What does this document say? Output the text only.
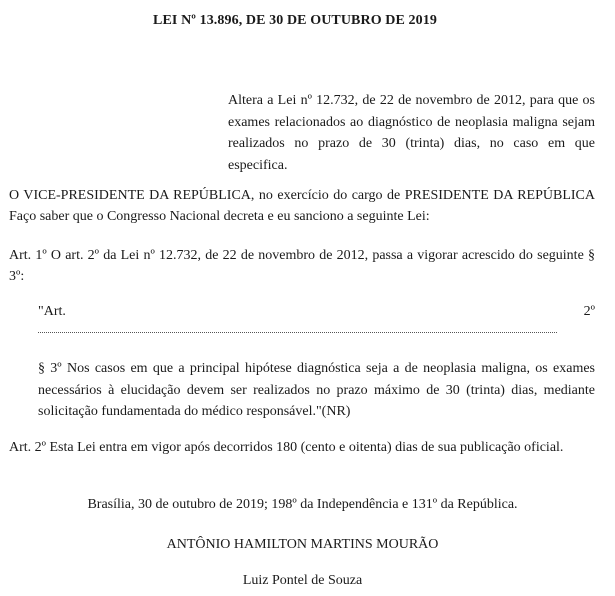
LEI Nº 13.896, DE 30 DE OUTUBRO DE 2019
Altera a Lei nº 12.732, de 22 de novembro de 2012, para que os exames relacionados ao diagnóstico de neoplasia maligna sejam realizados no prazo de 30 (trinta) dias, no caso em que especifica.
O VICE-PRESIDENTE DA REPÚBLICA, no exercício do cargo de PRESIDENTE DA REPÚBLICA Faço saber que o Congresso Nacional decreta e eu sanciono a seguinte Lei:
Art. 1º O art. 2º da Lei nº 12.732, de 22 de novembro de 2012, passa a vigorar acrescido do seguinte § 3º:
"Art.	2º
§ 3º Nos casos em que a principal hipótese diagnóstica seja a de neoplasia maligna, os exames necessários à elucidação devem ser realizados no prazo máximo de 30 (trinta) dias, mediante solicitação fundamentada do médico responsável."(NR)
Art. 2º Esta Lei entra em vigor após decorridos 180 (cento e oitenta) dias de sua publicação oficial.
Brasília, 30 de outubro de 2019; 198º da Independência e 131º da República.
ANTÔNIO HAMILTON MARTINS MOURÃO
Luiz Pontel de Souza
